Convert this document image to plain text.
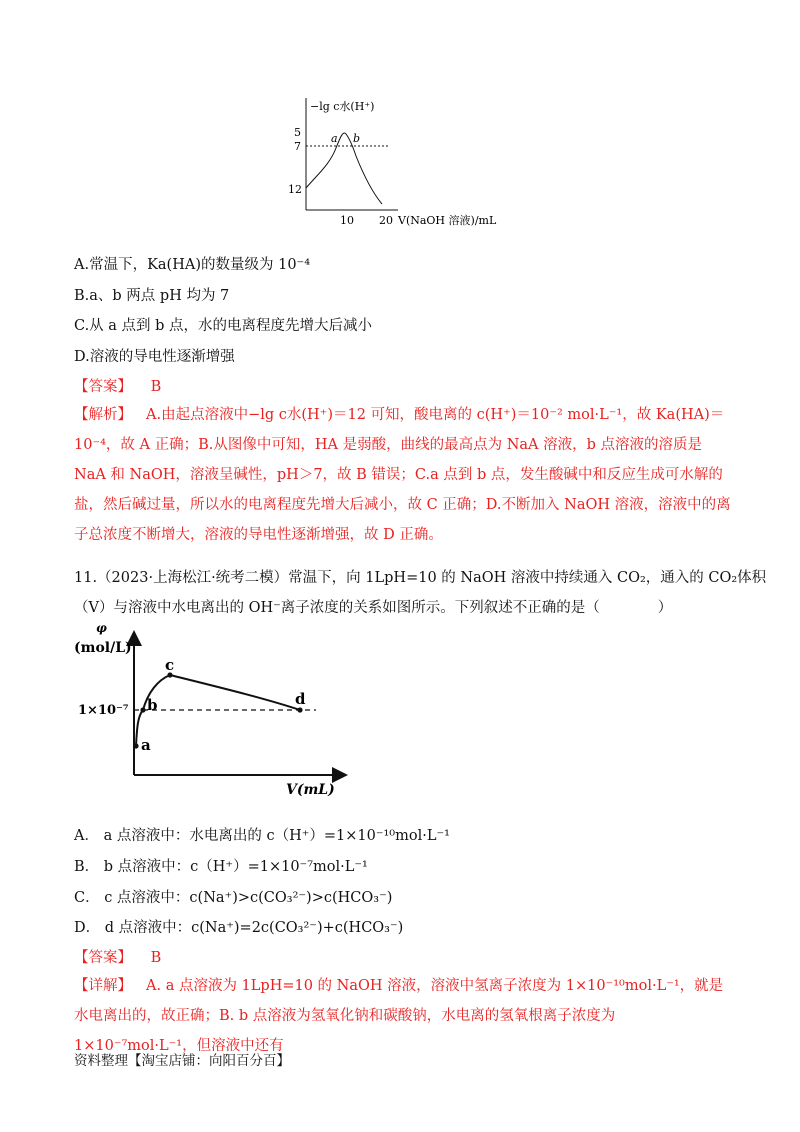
−lg c水(H⁺)
5
7
12
a b
10 20 V(NaOH 溶液)/mL
A.常温下，Ka(HA)的数量级为 10⁻⁴
B.a、b 两点 pH 均为 7
C.从 a 点到 b 点，水的电离程度先增大后减小
D.溶液的导电性逐渐增强
【答案】 B
【解析】 A.由起点溶液中−lg c水(H⁺)＝12 可知，酸电离的 c(H⁺)＝10⁻² mol·L⁻¹，故 Ka(HA)＝10⁻⁴，故 A 正确；B.从图像中可知，HA 是弱酸，曲线的最高点为 NaA 溶液，b 点溶液的溶质是 NaA 和 NaOH，溶液呈碱性，pH＞7，故 B 错误；C.a 点到 b 点，发生酸碱中和反应生成可水解的盐，然后碱过量，所以水的电离程度先增大后减小，故 C 正确；D.不断加入 NaOH 溶液，溶液中的离子总浓度不断增大，溶液的导电性逐渐增强，故 D 正确。
11.（2023·上海松江·统考二模）常温下，向 1LpH=10 的 NaOH 溶液中持续通入 CO₂，通入的 CO₂体积
（V）与溶液中水电离出的 OH⁻离子浓度的关系如图所示。下列叙述不正确的是（　　　　）
φ
(mol/L)
1×10⁻⁷
a
b
c
d
V(mL)
A． a 点溶液中：水电离出的 c（H⁺）=1×10⁻¹⁰mol·L⁻¹
B． b 点溶液中：c（H⁺）=1×10⁻⁷mol·L⁻¹
C． c 点溶液中：c(Na⁺)>c(CO₃²⁻)>c(HCO₃⁻)
D． d 点溶液中：c(Na⁺)=2c(CO₃²⁻)+c(HCO₃⁻)
【答案】 B
【详解】 A. a 点溶液为 1LpH=10 的 NaOH 溶液，溶液中氢离子浓度为 1×10⁻¹⁰mol·L⁻¹，就是水电离出的，故正确；B. b 点溶液为氢氧化钠和碳酸钠，水电离的氢氧根离子浓度为 1×10⁻⁷mol·L⁻¹，但溶液中还有
资料整理【淘宝店铺：向阳百分百】
